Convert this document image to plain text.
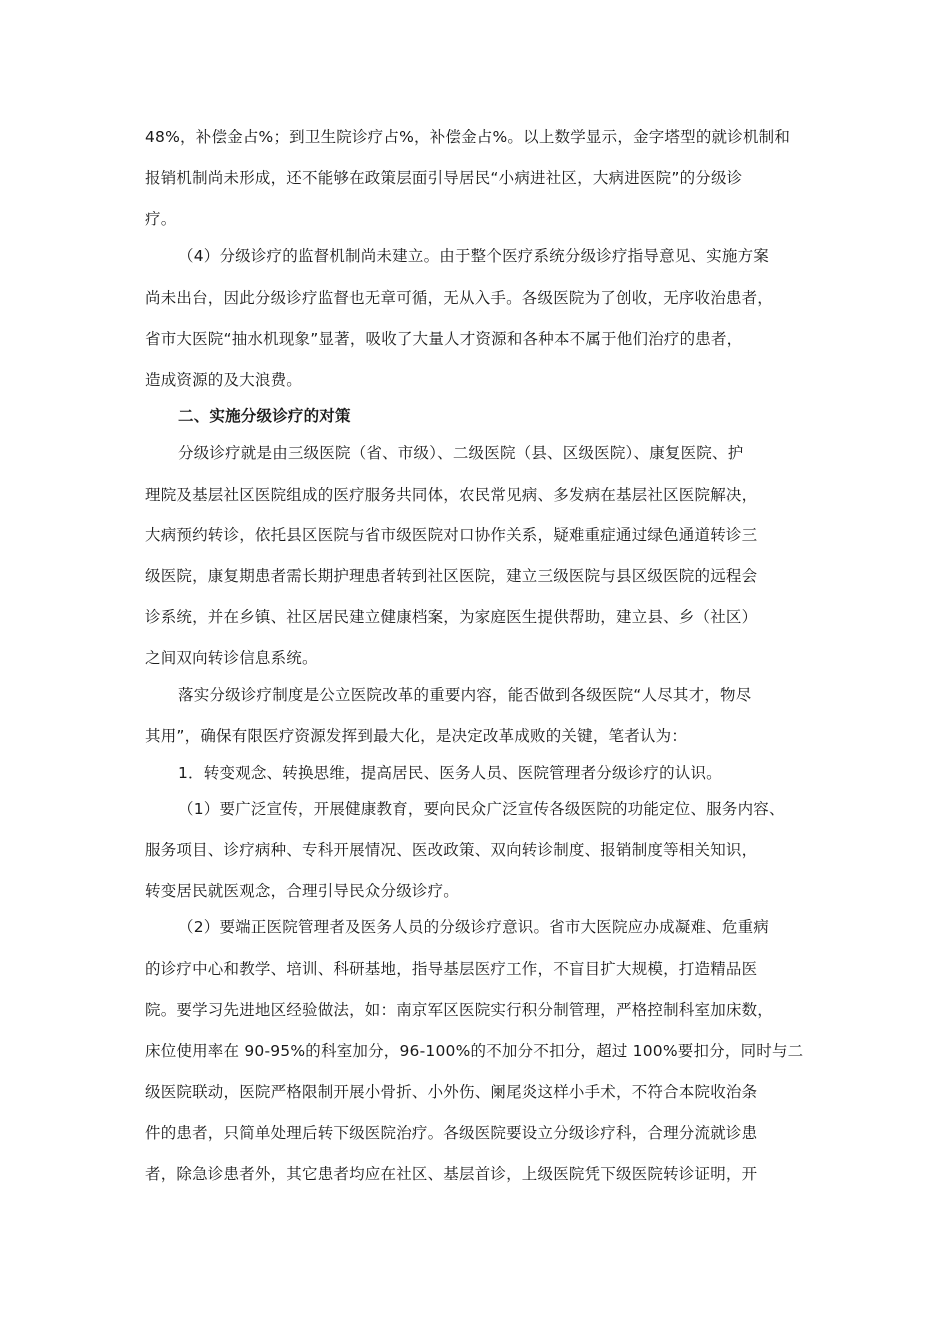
48%，补偿金占%；到卫生院诊疗占%，补偿金占%。以上数学显示，金字塔型的就诊机制和
报销机制尚未形成，还不能够在政策层面引导居民“小病进社区，大病进医院”的分级诊
疗。
（4）分级诊疗的监督机制尚未建立。由于整个医疗系统分级诊疗指导意见、实施方案
尚未出台，因此分级诊疗监督也无章可循，无从入手。各级医院为了创收，无序收治患者，
省市大医院“抽水机现象”显著，吸收了大量人才资源和各种本不属于他们治疗的患者，
造成资源的及大浪费。
二、实施分级诊疗的对策
分级诊疗就是由三级医院（省、市级）、二级医院（县、区级医院）、康复医院、护
理院及基层社区医院组成的医疗服务共同体，农民常见病、多发病在基层社区医院解决，
大病预约转诊，依托县区医院与省市级医院对口协作关系，疑难重症通过绿色通道转诊三
级医院，康复期患者需长期护理患者转到社区医院，建立三级医院与县区级医院的远程会
诊系统，并在乡镇、社区居民建立健康档案，为家庭医生提供帮助，建立县、乡（社区）
之间双向转诊信息系统。
落实分级诊疗制度是公立医院改革的重要内容，能否做到各级医院“人尽其才，物尽
其用”，确保有限医疗资源发挥到最大化，是决定改革成败的关键，笔者认为：
1．转变观念、转换思维，提高居民、医务人员、医院管理者分级诊疗的认识。
（1）要广泛宣传，开展健康教育，要向民众广泛宣传各级医院的功能定位、服务内容、
服务项目、诊疗病种、专科开展情况、医改政策、双向转诊制度、报销制度等相关知识，
转变居民就医观念，合理引导民众分级诊疗。
（2）要端正医院管理者及医务人员的分级诊疗意识。省市大医院应办成凝难、危重病
的诊疗中心和教学、培训、科研基地，指导基层医疗工作，不盲目扩大规模，打造精品医
院。要学习先进地区经验做法，如：南京军区医院实行积分制管理，严格控制科室加床数，
床位使用率在 90-95%的科室加分，96-100%的不加分不扣分，超过 100%要扣分，同时与二
级医院联动，医院严格限制开展小骨折、小外伤、阑尾炎这样小手术，不符合本院收治条
件的患者，只简单处理后转下级医院治疗。各级医院要设立分级诊疗科，合理分流就诊患
者，除急诊患者外，其它患者均应在社区、基层首诊，上级医院凭下级医院转诊证明，开
